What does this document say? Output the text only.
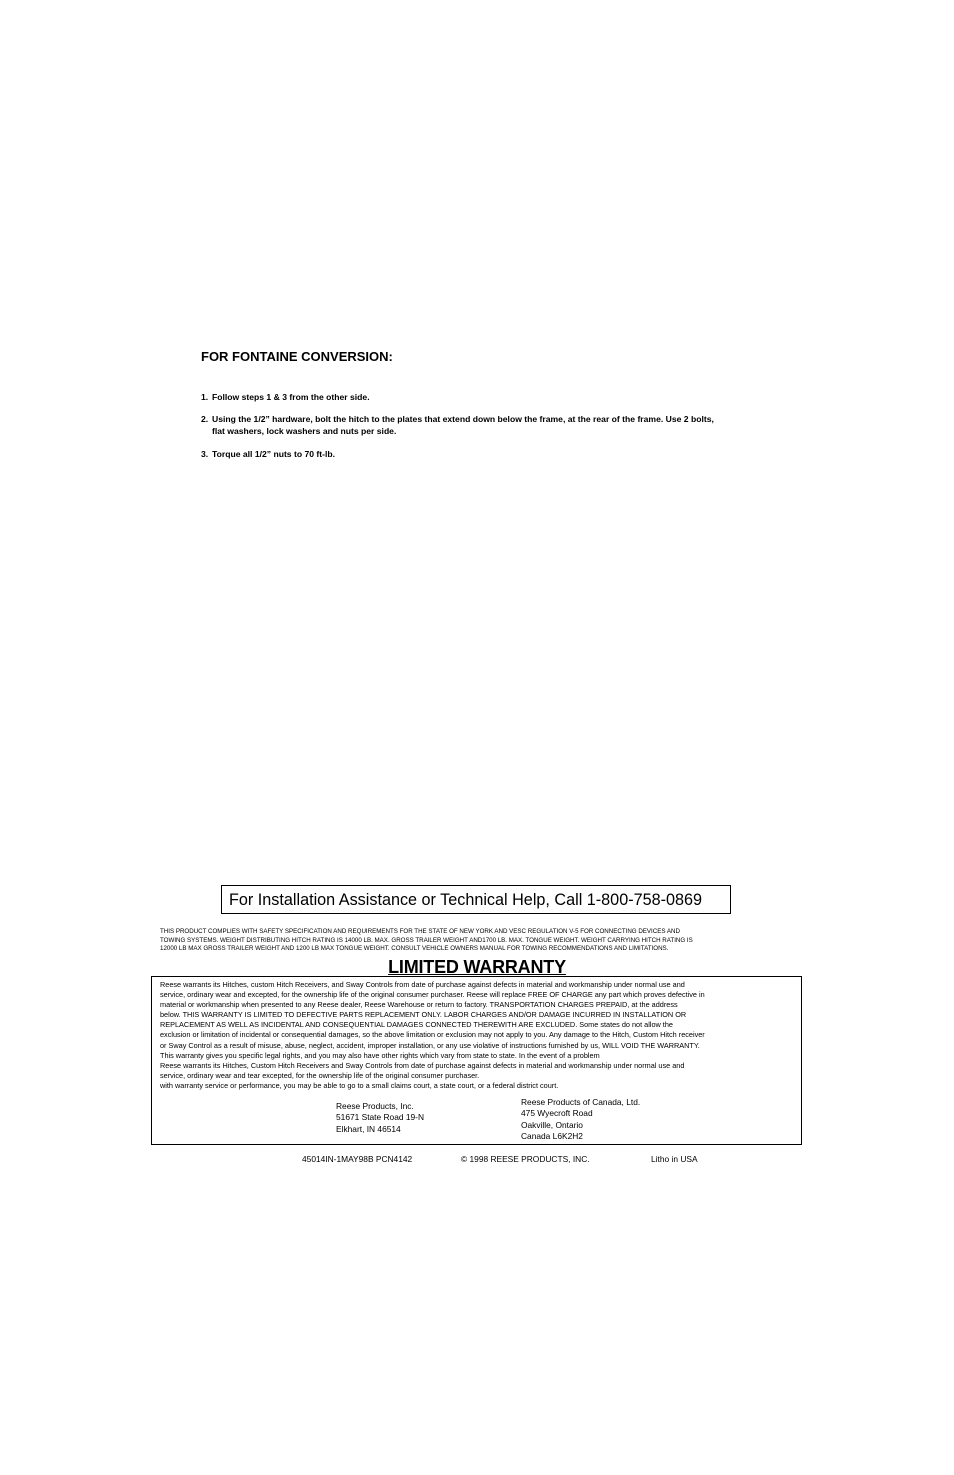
FOR FONTAINE CONVERSION:
1. Follow steps 1 & 3 from the other side.
2. Using the 1/2” hardware, bolt the hitch to the plates that extend down below the frame, at the rear of the frame. Use 2 bolts,
flat washers, lock washers and nuts per side.
3. Torque all 1/2” nuts to 70 ft-lb.
For Installation Assistance or Technical Help, Call 1-800-758-0869
THIS PRODUCT COMPLIES WITH SAFETY SPECIFICATION AND REQUIREMENTS FOR THE STATE OF NEW YORK AND VESC REGULATION V-5 FOR CONNECTING DEVICES AND
TOWING SYSTEMS. WEIGHT DISTRIBUTING HITCH RATING IS 14000 LB. MAX. GROSS TRAILER WEIGHT AND1700 LB. MAX. TONGUE WEIGHT. WEIGHT CARRYING HITCH RATING IS
12000 LB MAX GROSS TRAILER WEIGHT AND 1200 LB MAX TONGUE WEIGHT. CONSULT VEHICLE OWNERS MANUAL FOR TOWING RECOMMENDATIONS AND LIMITATIONS.
LIMITED WARRANTY
Reese warrants its Hitches, custom Hitch Receivers, and Sway Controls from date of purchase against defects in material and workmanship under normal use and
service, ordinary wear and excepted, for the ownership life of the original consumer purchaser. Reese will replace FREE OF CHARGE any part which proves defective in
material or workmanship when presented to any Reese dealer, Reese Warehouse or return to factory. TRANSPORTATION CHARGES PREPAID, at the address
below. THIS WARRANTY IS LIMITED TO DEFECTIVE PARTS REPLACEMENT ONLY. LABOR CHARGES AND/OR DAMAGE INCURRED IN INSTALLATION OR
REPLACEMENT AS WELL AS INCIDENTAL AND CONSEQUENTIAL DAMAGES CONNECTED THEREWITH ARE EXCLUDED. Some states do not allow the
exclusion or limitation of incidental or consequential damages, so the above limitation or exclusion may not apply to you. Any damage to the Hitch, Custom Hitch receiver
or Sway Control as a result of misuse, abuse, neglect, accident, improper installation, or any use violative of instructions furnished by us, WILL VOID THE WARRANTY.
This warranty gives you specific legal rights, and you may also have other rights which vary from state to state. In the event of a problem
Reese warrants its Hitches, Custom Hitch Receivers and Sway Controls from date of purchase against defects in material and workmanship under normal use and
service, ordinary wear and tear excepted, for the ownership life of the original consumer purchaser.
with warranty service or performance, you may be able to go to a small claims court, a state court, or a federal district court.
Reese Products, Inc.
51671 State Road 19-N
Elkhart, IN 46514
Reese Products of Canada, Ltd.
475 Wyecroft Road
Oakville, Ontario
Canada L6K2H2
45014IN-1MAY98B PCN4142	© 1998 REESE PRODUCTS, INC.	Litho in USA
